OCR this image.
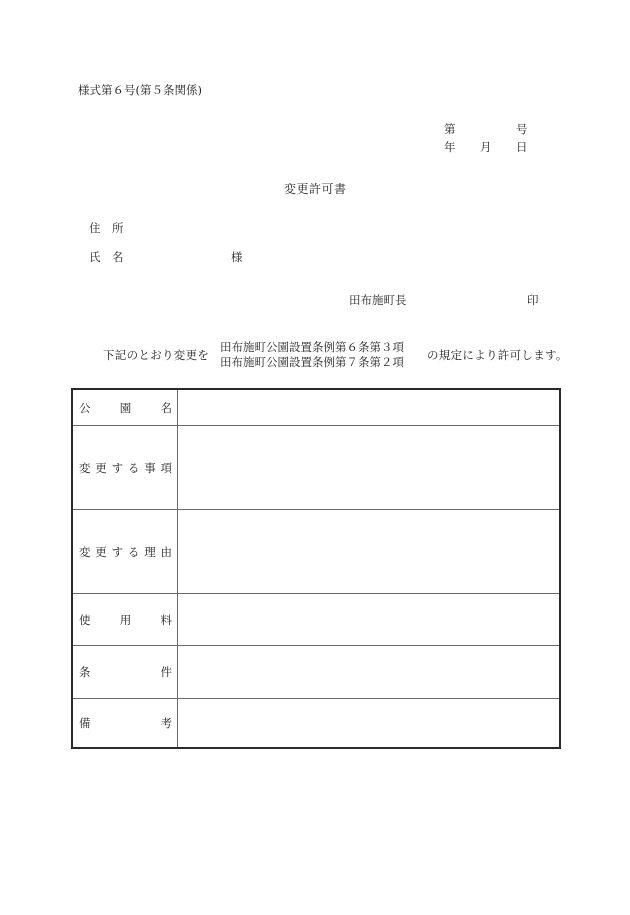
様式第６号(第５条関係)
第	号
年 月 日
変更許可書
住　所
氏　名	様
田布施町長	印
下記のとおり変更を
田布施町公園設置条例第６条第３項
田布施町公園設置条例第７条第２項 の規定により許可します。
公	園	名
変 更 す る 事 項
変 更 す る 理 由
使	用	料
条	件
備	考
